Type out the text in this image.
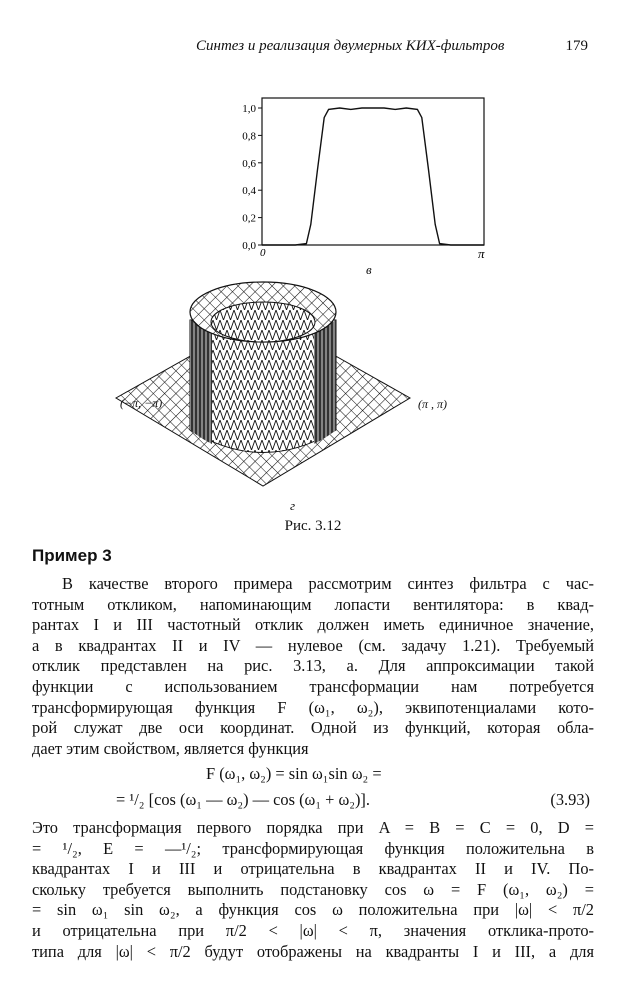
Синтез и реализация двумерных КИХ-фильтров	179
1,0
0,8
0,6
0,4
0,2
0,0
0	π
в
(−π, −π)	(π , π)
г
Рис. 3.12
Пример 3
В качестве второго примера рассмотрим синтез фильтра с час-
тотным откликом, напоминающим лопасти вентилятора: в квад-
рантах I и III частотный отклик должен иметь единичное значение,
а в квадрантах II и IV — нулевое (см. задачу 1.21). Требуемый
отклик представлен на рис. 3.13, а. Для аппроксимации такой
функции с использованием трансформации нам потребуется
трансформирующая функция F (ω₁, ω₂), эквипотенциалами кото-
рой служат две оси координат. Одной из функций, которая обла-
дает этим свойством, является функция
F (ω₁, ω₂) = sin ω₁sin ω₂ =
= ¹/₂ [cos (ω₁ — ω₂) — cos (ω₁ + ω₂)].	(3.93)
Это трансформация первого порядка при A = B = C = 0, D =
= ¹/₂, E = —¹/₂; трансформирующая функция положительна в
квадрантах I и III и отрицательна в квадрантах II и IV. По-
скольку требуется выполнить подстановку cos ω = F (ω₁, ω₂) =
= sin ω₁ sin ω₂, а функция cos ω положительна при |ω| < π/2
и отрицательна при π/2 < |ω| < π, значения отклика-прото-
типа для |ω| < π/2 будут отображены на квадранты I и III, а для
